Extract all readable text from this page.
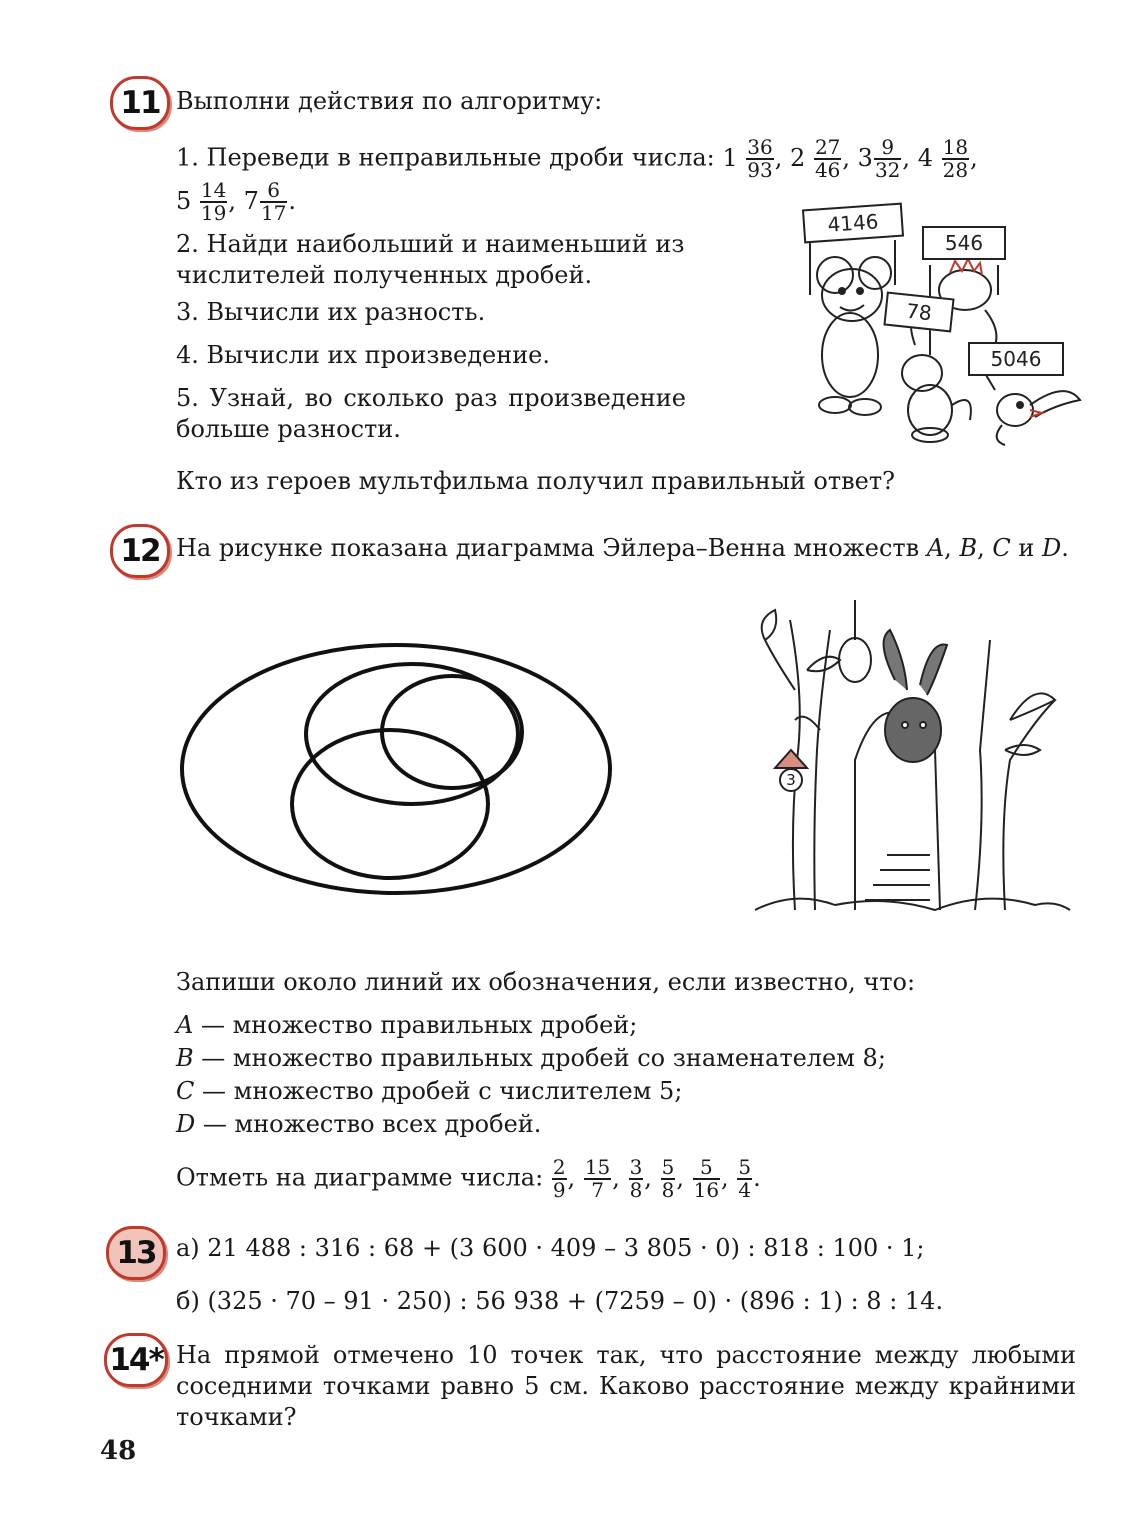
11 Выполни действия по алгоритму:
1. Переведи в неправильные дроби числа: $1 \frac{36}{93}$ , $2 \frac{27}{46}$ , $3 \frac{9}{32}$ , $4 \frac{18}{28}$ ,
$5 \frac{14}{19}$ , $7 \frac{6}{17}$ .
2. Найди наибольший и наименьший из числителей полученных дробей.
3. Вычисли их разность.
4. Вычисли их произведение.
5. Узнай, во сколько раз произведение больше разности.
Кто из героев мультфильма получил правильный ответ?
4146
546
78
5046
12 На рисунке показана диаграмма Эйлера–Венна множеств A, B, C и D.
3
Запиши около линий их обозначения, если известно, что:
A — множество правильных дробей;
B — множество правильных дробей со знаменателем 8;
C — множество дробей с числителем 5;
D — множество всех дробей.
Отметь на диаграмме числа: $\frac{2}{9}$ , $\frac{15}{7}$ , $\frac{3}{8}$ , $\frac{5}{8}$ , $\frac{5}{16}$ , $\frac{5}{4}$ .
13 а) 21 488 : 316 : 68 + (3 600 · 409 – 3 805 · 0) : 818 : 100 · 1;
б) (325 · 70 – 91 · 250) : 56 938 + (7259 – 0) · (896 : 1) : 8 : 14.
14* На прямой отмечено 10 точек так, что расстояние между любыми соседними точками равно 5 см. Каково расстояние между крайними точками?
48
